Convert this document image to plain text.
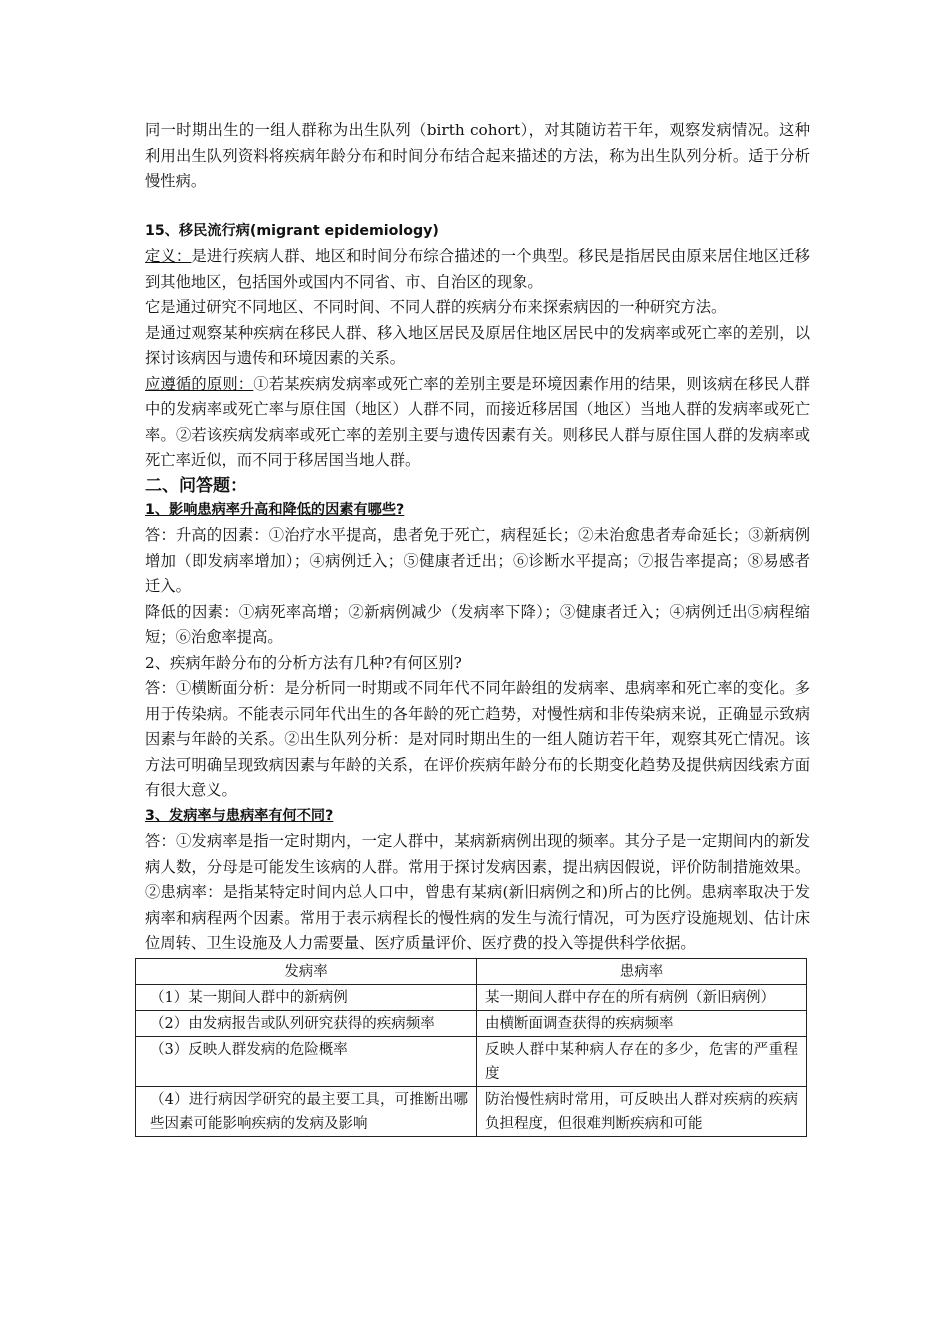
同一时期出生的一组人群称为出生队列（birth cohort），对其随访若干年，观察发病情况。这种利用出生队列资料将疾病年龄分布和时间分布结合起来描述的方法，称为出生队列分析。适于分析慢性病。

15、移民流行病(migrant epidemiology)

定义：是进行疾病人群、地区和时间分布综合描述的一个典型。移民是指居民由原来居住地区迁移到其他地区，包括国外或国内不同省、市、自治区的现象。

它是通过研究不同地区、不同时间、不同人群的疾病分布来探索病因的一种研究方法。

是通过观察某种疾病在移民人群、移入地区居民及原居住地区居民中的发病率或死亡率的差别，以探讨该病因与遗传和环境因素的关系。

应遵循的原则：①若某疾病发病率或死亡率的差别主要是环境因素作用的结果，则该病在移民人群中的发病率或死亡率与原住国（地区）人群不同，而接近移居国（地区）当地人群的发病率或死亡率。②若该疾病发病率或死亡率的差别主要与遗传因素有关。则移民人群与原住国人群的发病率或死亡率近似，而不同于移居国当地人群。

二、问答题：

1、影响患病率升高和降低的因素有哪些?

答：升高的因素：①治疗水平提高，患者免于死亡，病程延长；②未治愈患者寿命延长；③新病例增加（即发病率增加）；④病例迁入；⑤健康者迁出；⑥诊断水平提高；⑦报告率提高；⑧易感者迁入。

降低的因素：①病死率高增；②新病例减少（发病率下降）；③健康者迁入；④病例迁出⑤病程缩短；⑥治愈率提高。

2、疾病年龄分布的分析方法有几种?有何区别?

答：①横断面分析：是分析同一时期或不同年代不同年龄组的发病率、患病率和死亡率的变化。多用于传染病。不能表示同年代出生的各年龄的死亡趋势，对慢性病和非传染病来说，正确显示致病因素与年龄的关系。②出生队列分析：是对同时期出生的一组人随访若干年，观察其死亡情况。该方法可明确呈现致病因素与年龄的关系，在评价疾病年龄分布的长期变化趋势及提供病因线索方面有很大意义。

3、发病率与患病率有何不同?

答：①发病率是指一定时期内，一定人群中，某病新病例出现的频率。其分子是一定期间内的新发病人数，分母是可能发生该病的人群。常用于探讨发病因素，提出病因假说，评价防制措施效果。②患病率：是指某特定时间内总人口中，曾患有某病(新旧病例之和)所占的比例。患病率取决于发病率和病程两个因素。常用于表示病程长的慢性病的发生与流行情况，可为医疗设施规划、估计床位周转、卫生设施及人力需要量、医疗质量评价、医疗费的投入等提供科学依据。

发病率	患病率
（1）某一期间人群中的新病例	某一期间人群中存在的所有病例（新旧病例）
（2）由发病报告或队列研究获得的疾病频率	由横断面调查获得的疾病频率
（3）反映人群发病的危险概率	反映人群中某种病人存在的多少，危害的严重程度
（4）进行病因学研究的最主要工具，可推断出哪些因素可能影响疾病的发病及影响	防治慢性病时常用，可反映出人群对疾病的疾病负担程度，但很难判断疾病和可能
